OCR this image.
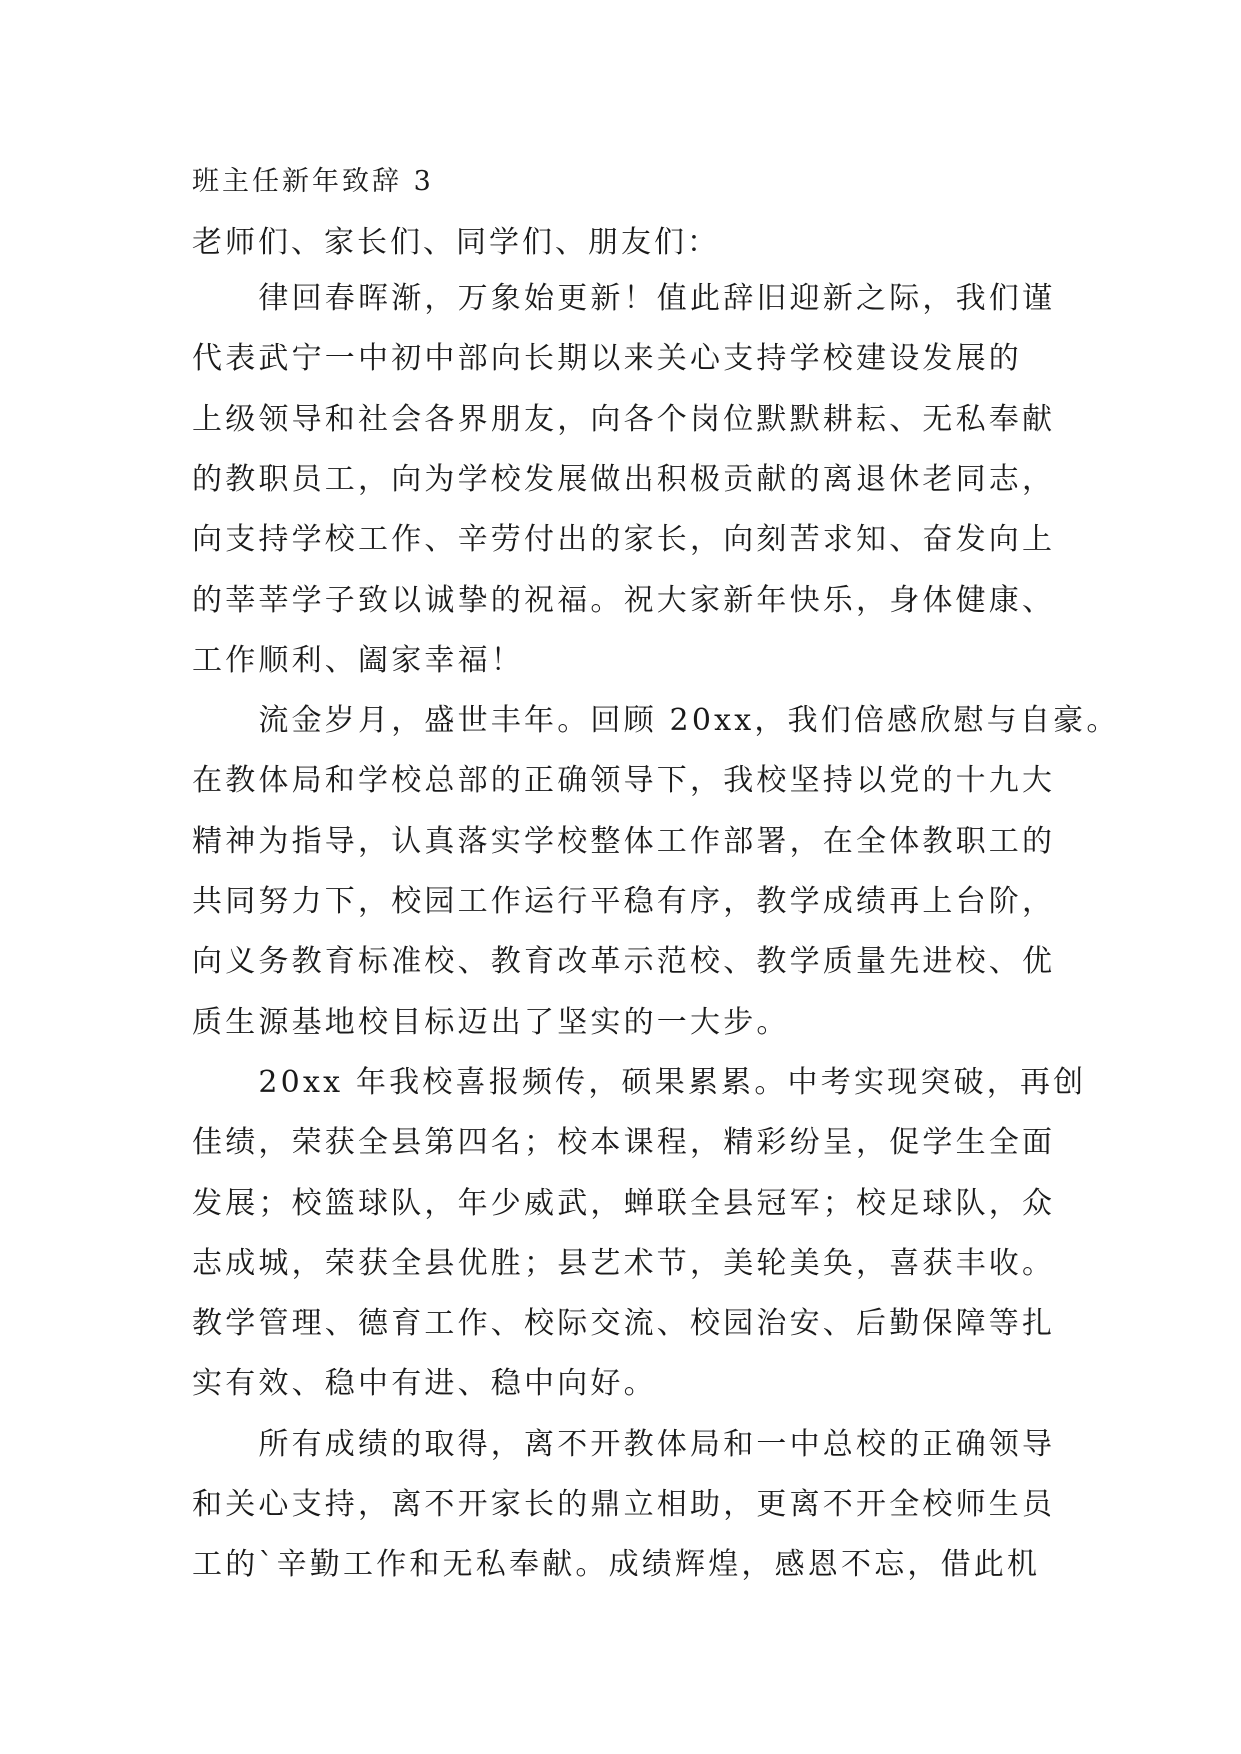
班主任新年致辞 3

老师们、家长们、同学们、朋友们：

　　律回春晖渐，万象始更新！值此辞旧迎新之际，我们谨

代表武宁一中初中部向长期以来关心支持学校建设发展的

上级领导和社会各界朋友，向各个岗位默默耕耘、无私奉献

的教职员工，向为学校发展做出积极贡献的离退休老同志，

向支持学校工作、辛劳付出的家长，向刻苦求知、奋发向上

的莘莘学子致以诚挚的祝福。祝大家新年快乐，身体健康、

工作顺利、阖家幸福！

　　流金岁月，盛世丰年。回顾 20xx，我们倍感欣慰与自豪。

在教体局和学校总部的正确领导下，我校坚持以党的十九大

精神为指导，认真落实学校整体工作部署，在全体教职工的

共同努力下，校园工作运行平稳有序，教学成绩再上台阶，

向义务教育标准校、教育改革示范校、教学质量先进校、优

质生源基地校目标迈出了坚实的一大步。

　　20xx 年我校喜报频传，硕果累累。中考实现突破，再创

佳绩，荣获全县第四名；校本课程，精彩纷呈，促学生全面

发展；校篮球队，年少威武，蝉联全县冠军；校足球队，众

志成城，荣获全县优胜；县艺术节，美轮美奂，喜获丰收。

教学管理、德育工作、校际交流、校园治安、后勤保障等扎

实有效、稳中有进、稳中向好。

　　所有成绩的取得，离不开教体局和一中总校的正确领导

和关心支持，离不开家长的鼎立相助，更离不开全校师生员

工的`辛勤工作和无私奉献。成绩辉煌，感恩不忘，借此机
